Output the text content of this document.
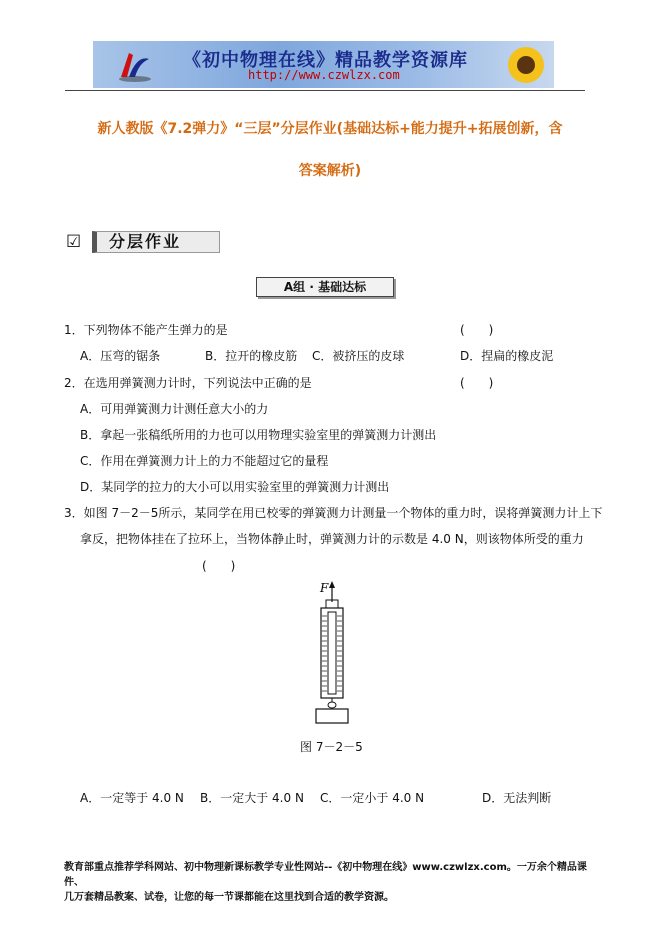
《初中物理在线》精品教学资源库
http://www.czwlzx.com
新人教版《7.2弹力》“三层”分层作业(基础达标+能力提升+拓展创新，含
答案解析)
☑	分层作业
A组 · 基础达标
1．下列物体不能产生弹力的是	(　　)
A．压弯的锯条	B．拉开的橡皮筋 C．被挤压的皮球	D．捏扁的橡皮泥
2．在选用弹簧测力计时，下列说法中正确的是	(　　)
A．可用弹簧测力计测任意大小的力
B．拿起一张稿纸所用的力也可以用物理实验室里的弹簧测力计测出
C．作用在弹簧测力计上的力不能超过它的量程
D．某同学的拉力的大小可以用实验室里的弹簧测力计测出
3．如图 7－2－5所示，某同学在用已校零的弹簧测力计测量一个物体的重力时，误将弹簧测力计上下
拿反，把物体挂在了拉环上，当物体静止时，弹簧测力计的示数是 4.0 N，则该物体所受的重力
(　　)
F
图 7－2－5
A．一定等于 4.0 N B．一定大于 4.0 N C．一定小于 4.0 N	D．无法判断
教育部重点推荐学科网站、初中物理新课标教学专业性网站--《初中物理在线》www.czwlzx.com。一万余个精品课件、
几万套精品教案、试卷，让您的每一节课都能在这里找到合适的教学资源。
